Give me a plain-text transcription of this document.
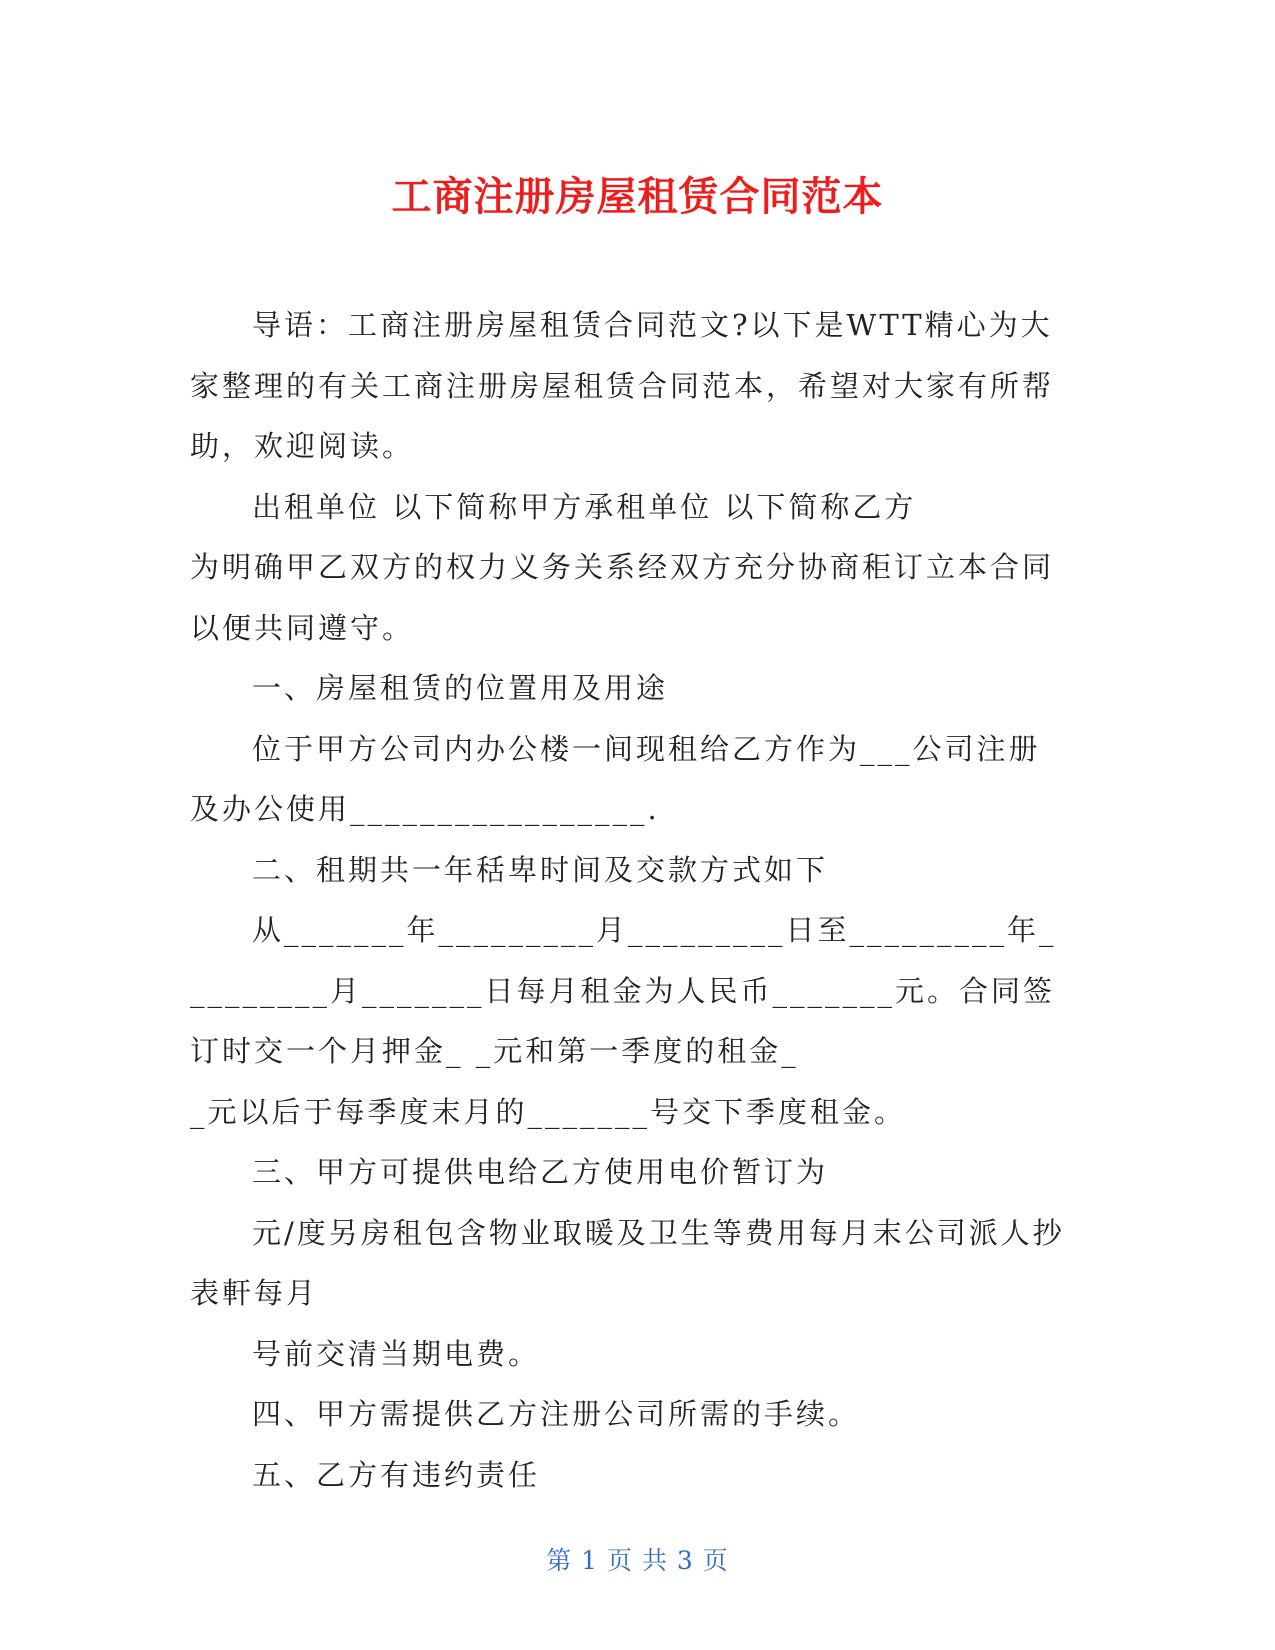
工商注册房屋租赁合同范本

导语：工商注册房屋租赁合同范文?以下是WTT精心为大家整理的有关工商注册房屋租赁合同范本，希望对大家有所帮助，欢迎阅读。

出租单位 以下简称甲方承租单位 以下简称乙方

为明确甲乙双方的权力义务关系经双方充分协商秬订立本合同以便共同遵守。

一、房屋租赁的位置用及用途

位于甲方公司内办公楼一间现租给乙方作为___公司注册及办公使用_________________.

二、租期共一年秳卑时间及交款方式如下

从_______年_________月_________日至_________年_________月_______日每月租金为人民币_______元。合同签订时交一个月押金_ _元和第一季度的租金_

_元以后于每季度末月的_______号交下季度租金。

三、甲方可提供电给乙方使用电价暂订为

元/度另房租包含物业取暖及卫生等费用每月末公司派人抄表軒每月

号前交清当期电费。

四、甲方需提供乙方注册公司所需的手续。

五、乙方有违约责任

第 1 页 共 3 页
